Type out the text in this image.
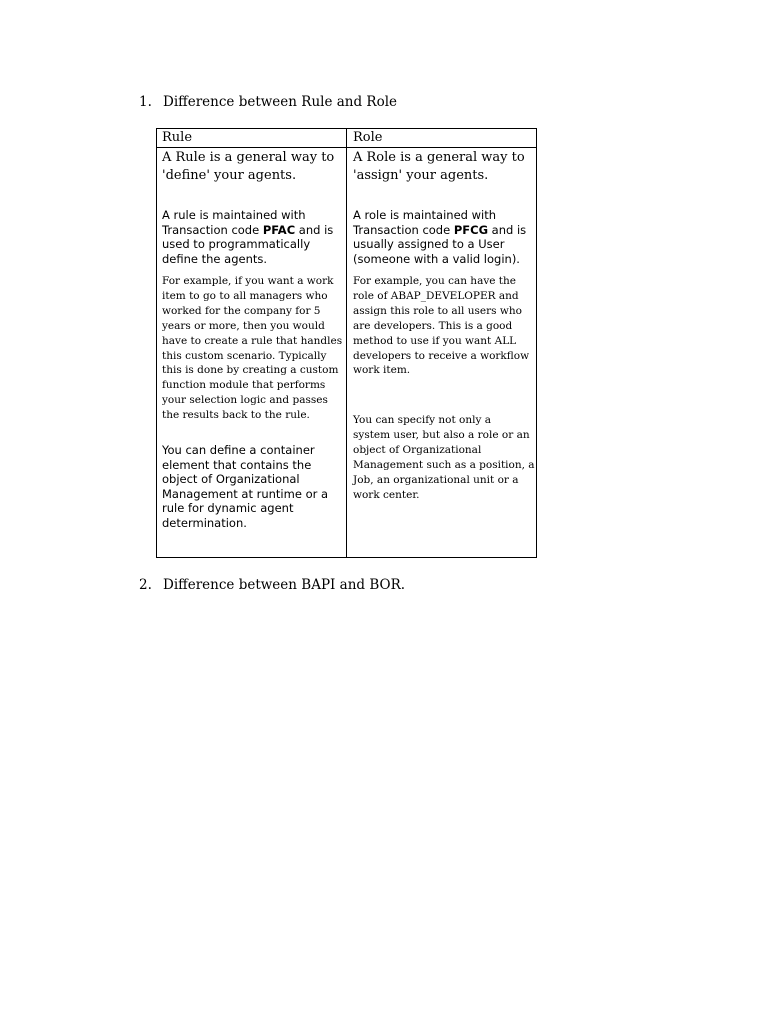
1. Difference between Rule and Role
Rule
A Rule is a general way to
'define' your agents.
A rule is maintained with
Transaction code PFAC and is
used to programmatically
define the agents.
For example, if you want a work
item to go to all managers who
worked for the company for 5
years or more, then you would
have to create a rule that handles
this custom scenario. Typically
this is done by creating a custom
function module that performs
your selection logic and passes
the results back to the rule.
You can define a container
element that contains the
object of Organizational
Management at runtime or a
rule for dynamic agent
determination.
Role
A Role is a general way to
'assign' your agents.
A role is maintained with
Transaction code PFCG and is
usually assigned to a User
(someone with a valid login).
For example, you can have the
role of ABAP_DEVELOPER and
assign this role to all users who
are developers. This is a good
method to use if you want ALL
developers to receive a workflow
work item.
You can specify not only a
system user, but also a role or an
object of Organizational
Management such as a position, a
Job, an organizational unit or a
work center.
2. Difference between BAPI and BOR.
